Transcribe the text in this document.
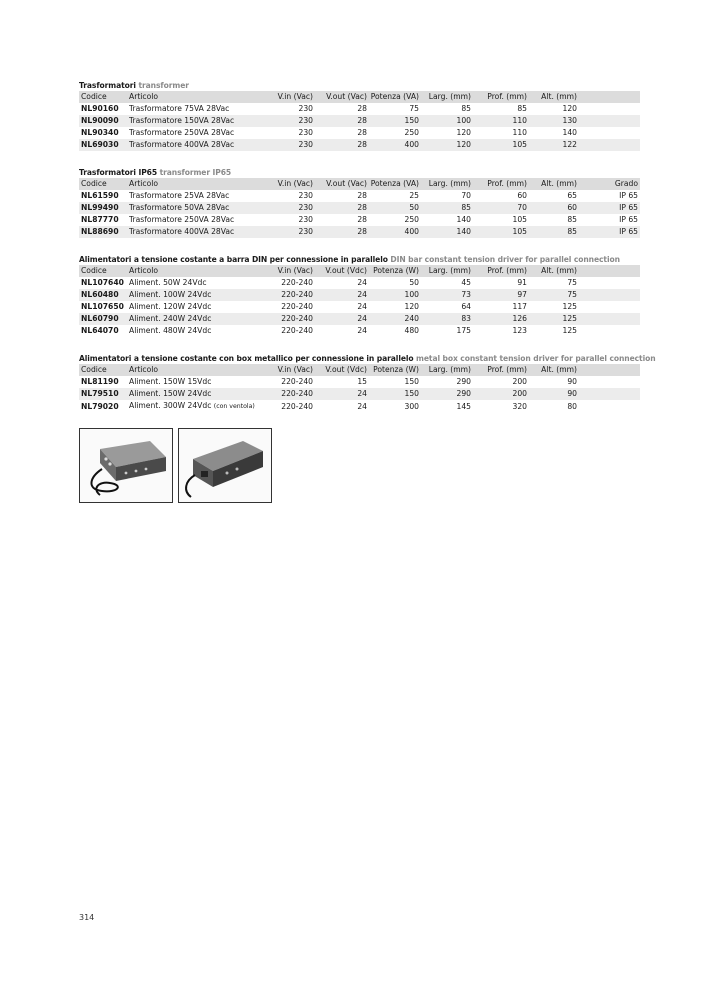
Trasformatori transformer
Codice	Articolo	V.in (Vac)	V.out (Vac)	Potenza (VA)	Larg. (mm)	Prof. (mm)	Alt. (mm)	
NL90160	Trasformatore 75VA 28Vac	230	28	75	85	85	120	
NL90090	Trasformatore 150VA 28Vac	230	28	150	100	110	130	
NL90340	Trasformatore 250VA 28Vac	230	28	250	120	110	140	
NL69030	Trasformatore 400VA 28Vac	230	28	400	120	105	122	
Trasformatori IP65 transformer IP65
Codice	Articolo	V.in (Vac)	V.out (Vac)	Potenza (VA)	Larg. (mm)	Prof. (mm)	Alt. (mm)	Grado
NL61590	Trasformatore 25VA 28Vac	230	28	25	70	60	65	IP 65
NL99490	Trasformatore 50VA 28Vac	230	28	50	85	70	60	IP 65
NL87770	Trasformatore 250VA 28Vac	230	28	250	140	105	85	IP 65
NL88690	Trasformatore 400VA 28Vac	230	28	400	140	105	85	IP 65
Alimentatori a tensione costante a barra DIN per connessione in parallelo DIN bar constant tension driver for parallel connection
Codice	Articolo	V.in (Vac)	V.out (Vdc)	Potenza (W)	Larg. (mm)	Prof. (mm)	Alt. (mm)	
NL107640	Aliment. 50W 24Vdc	220-240	24	50	45	91	75	
NL60480	Aliment. 100W 24Vdc	220-240	24	100	73	97	75	
NL107650	Aliment. 120W 24Vdc	220-240	24	120	64	117	125	
NL60790	Aliment. 240W 24Vdc	220-240	24	240	83	126	125	
NL64070	Aliment. 480W 24Vdc	220-240	24	480	175	123	125	
Alimentatori a tensione costante con box metallico per connessione in parallelo metal box constant tension driver for parallel connection
Codice	Articolo	V.in (Vac)	V.out (Vdc)	Potenza (W)	Larg. (mm)	Prof. (mm)	Alt. (mm)	
NL81190	Aliment. 150W 15Vdc	220-240	15	150	290	200	90	
NL79510	Aliment. 150W 24Vdc	220-240	24	150	290	200	90	
NL79020	Aliment. 300W 24Vdc (con ventola)	220-240	24	300	145	320	80	
314
